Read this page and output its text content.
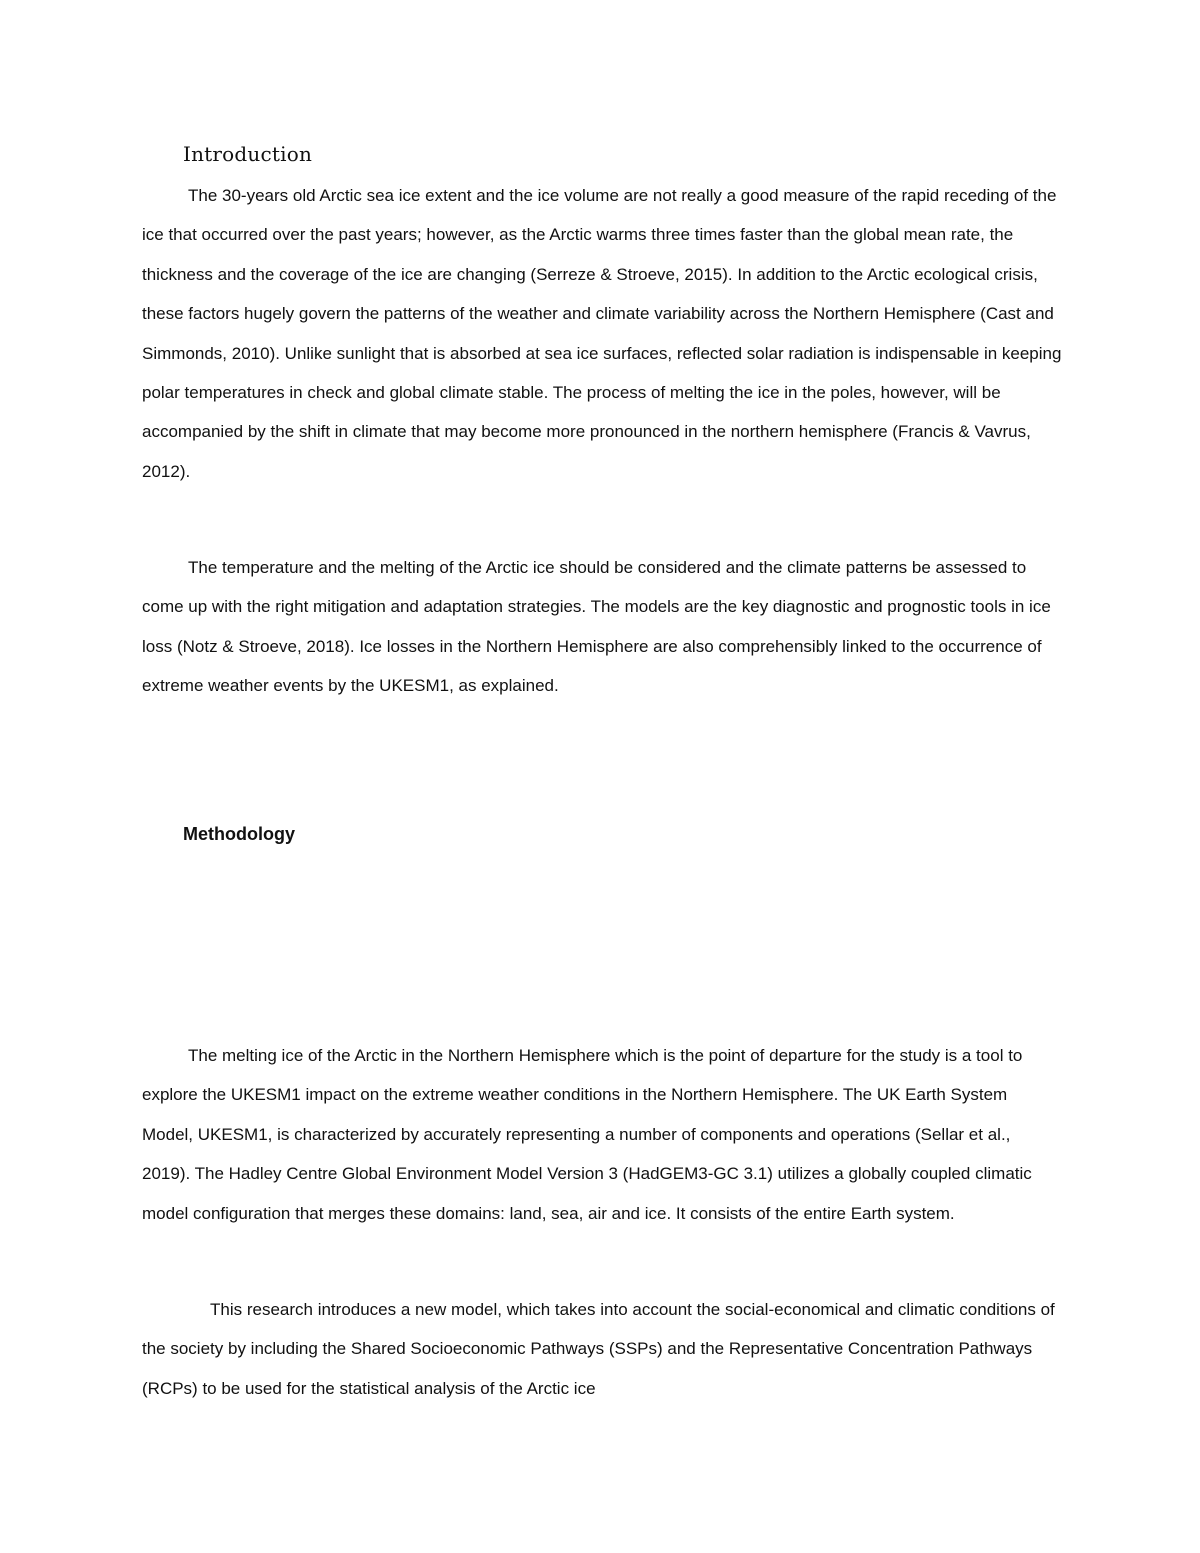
Introduction

The 30-years old Arctic sea ice extent and the ice volume are not really a good measure of the rapid receding of the ice that occurred over the past years; however, as the Arctic warms three times faster than the global mean rate, the thickness and the coverage of the ice are changing (Serreze & Stroeve, 2015). In addition to the Arctic ecological crisis, these factors hugely govern the patterns of the weather and climate variability across the Northern Hemisphere (Cast and Simmonds, 2010). Unlike sunlight that is absorbed at sea ice surfaces, reflected solar radiation is indispensable in keeping polar temperatures in check and global climate stable. The process of melting the ice in the poles, however, will be accompanied by the shift in climate that may become more pronounced in the northern hemisphere (Francis & Vavrus, 2012).

The temperature and the melting of the Arctic ice should be considered and the climate patterns be assessed to come up with the right mitigation and adaptation strategies. The models are the key diagnostic and prognostic tools in ice loss (Notz & Stroeve, 2018). Ice losses in the Northern Hemisphere are also comprehensibly linked to the occurrence of extreme weather events by the UKESM1, as explained.

Methodology

The melting ice of the Arctic in the Northern Hemisphere which is the point of departure for the study is a tool to explore the UKESM1 impact on the extreme weather conditions in the Northern Hemisphere. The UK Earth System Model, UKESM1, is characterized by accurately representing a number of components and operations (Sellar et al., 2019). The Hadley Centre Global Environment Model Version 3 (HadGEM3-GC 3.1) utilizes a globally coupled climatic model configuration that merges these domains: land, sea, air and ice. It consists of the entire Earth system.

This research introduces a new model, which takes into account the social-economical and climatic conditions of the society by including the Shared Socioeconomic Pathways (SSPs) and the Representative Concentration Pathways (RCPs) to be used for the statistical analysis of the Arctic ice
